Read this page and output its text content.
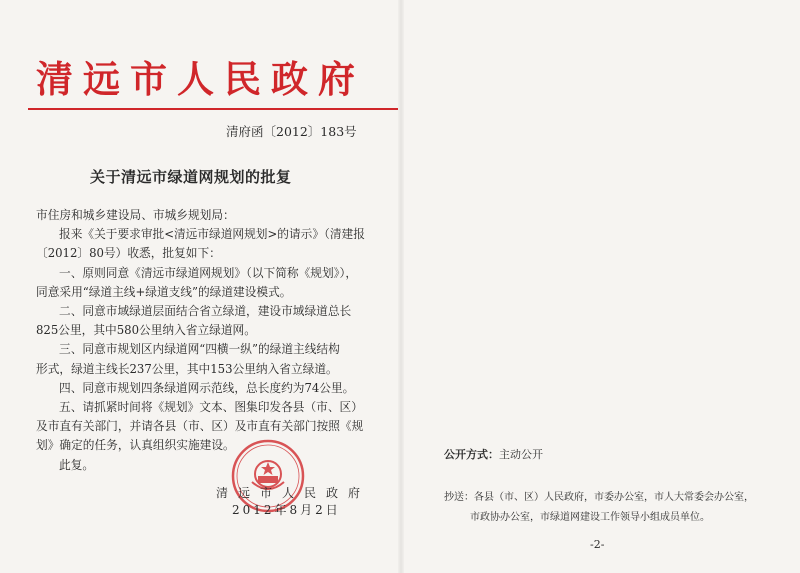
清远市人民政府
清府函〔2012〕183号
关于清远市绿道网规划的批复

市住房和城乡建设局、市城乡规划局：

报来《关于要求审批<清远市绿道网规划>的请示》（清建报

〔2012〕80号）收悉，批复如下：

一、原则同意《清远市绿道网规划》（以下简称《规划》），

同意采用“绿道主线+绿道支线”的绿道建设模式。

二、同意市域绿道层面结合省立绿道，建设市域绿道总长

825公里，其中580公里纳入省立绿道网。

三、同意市规划区内绿道网“四横一纵”的绿道主线结构

形式，绿道主线长237公里，其中153公里纳入省立绿道。

四、同意市规划四条绿道网示范线，总长度约为74公里。

五、请抓紧时间将《规划》文本、图集印发各县（市、区）

及市直有关部门，并请各县（市、区）及市直有关部门按照《规

划》确定的任务，认真组织实施建设。

此复。

清远市人民政府
2012年8月2日
公开方式：主动公开
抄送：各县（市、区）人民政府，市委办公室，市人大常委会办公室，
市政协办公室，市绿道网建设工作领导小组成员单位。
-2-
